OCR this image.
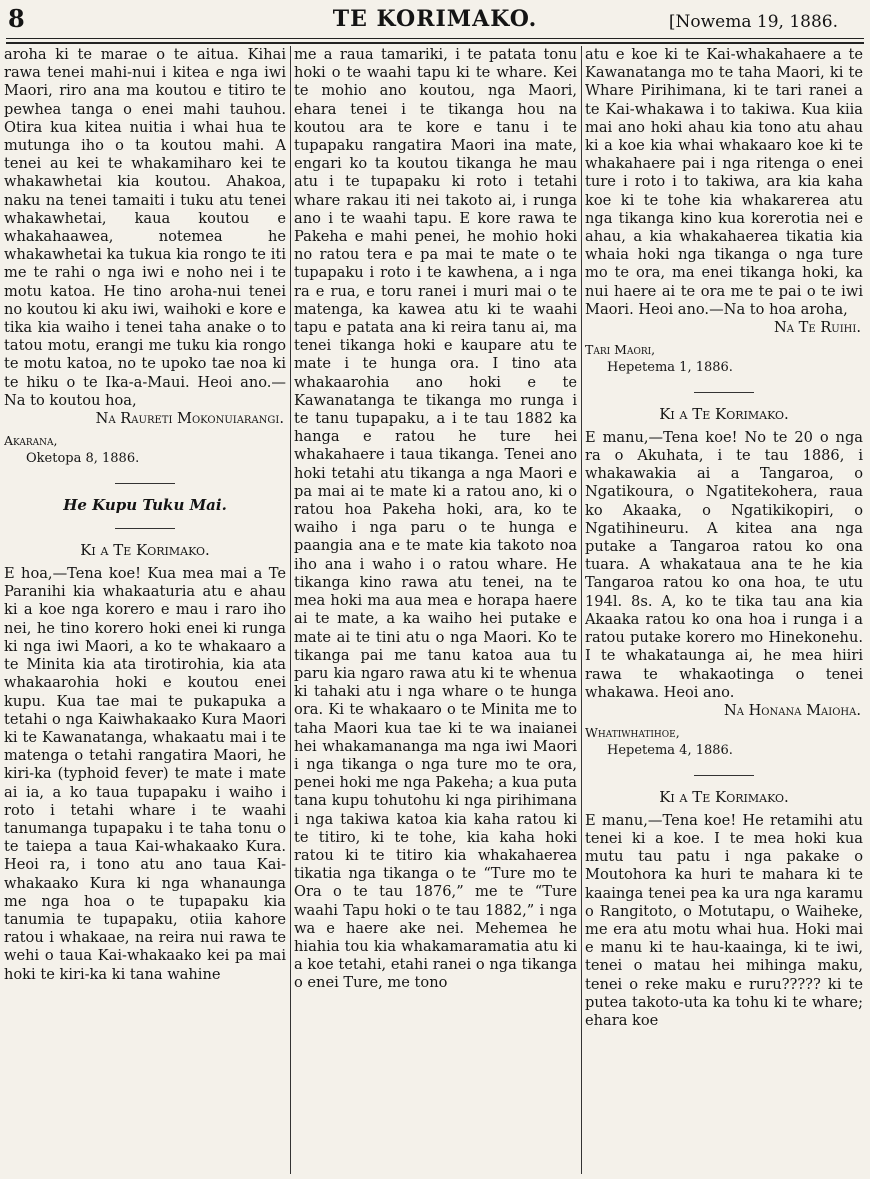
8	TE KORIMAKO.	[Nowema 19, 1886.

aroha ki te marae o te aitua. Kihai rawa tenei mahi-nui i kitea e nga iwi Maori, riro ana ma koutou e titiro te pewhea tanga o enei mahi tauhou. Otira kua kitea nuitia i whai hua te mutunga iho o ta koutou mahi. A tenei au kei te whakamiharo kei te whakawhetai kia koutou. Ahakoa, naku na tenei tamaiti i tuku atu tenei whakawhetai, kaua koutou e whakahaawea, notemea he whakawhetai ka tukua kia rongo te iti me te rahi o nga iwi e noho nei i te motu katoa. He tino aroha-nui tenei no koutou ki aku iwi, waihoki e kore e tika kia waiho i tenei taha anake o to tatou motu, erangi me tuku kia rongo te motu katoa, no te upoko tae noa ki te hiku o te Ika-a-Maui. Heoi ano.—Na to koutou hoa,

Na Raureti Mokonuiarangi.

Akarana,

Oketopa 8, 1886.

He Kupu Tuku Mai.

Ki a Te Korimako.

E hoa,—Tena koe! Kua mea mai a Te Paranihi kia whakaaturia atu e ahau ki a koe nga korero e mau i raro iho nei, he tino korero hoki enei ki runga ki nga iwi Maori, a ko te whakaaro a te Minita kia ata tirotirohia, kia ata whakaarohia hoki e koutou enei kupu. Kua tae mai te pukapuka a tetahi o nga Kaiwhakaako Kura Maori ki te Kawanatanga, whakaatu mai i te matenga o tetahi rangatira Maori, he kiri-ka (typhoid fever) te mate i mate ai ia, a ko taua tupapaku i waiho i roto i tetahi whare i te waahi tanumanga tupapaku i te taha tonu o te taiepa a taua Kai-whakaako Kura. Heoi ra, i tono atu ano taua Kai-whakaako Kura ki nga whanaunga me nga hoa o te tupapaku kia tanumia te tupapaku, otiia kahore ratou i whakaae, na reira nui rawa te wehi o taua Kai-whakaako kei pa mai hoki te kiri-ka ki tana wahine

me a raua tamariki, i te patata tonu hoki o te waahi tapu ki te whare. Kei te mohio ano koutou, nga Maori, ehara tenei i te tikanga hou na koutou ara te kore e tanu i te tupapaku rangatira Maori ina mate, engari ko ta koutou tikanga he mau atu i te tupapaku ki roto i tetahi whare rakau iti nei takoto ai, i runga ano i te waahi tapu. E kore rawa te Pakeha e mahi penei, he mohio hoki no ratou tera e pa mai te mate o te tupapaku i roto i te kawhena, a i nga ra e rua, e toru ranei i muri mai o te matenga, ka kawea atu ki te waahi tapu e patata ana ki reira tanu ai, ma tenei tikanga hoki e kaupare atu te mate i te hunga ora. I tino ata whakaarohia ano hoki e te Kawanatanga te tikanga mo runga i te tanu tupapaku, a i te tau 1882 ka hanga e ratou he ture hei whakahaere i taua tikanga. Tenei ano hoki tetahi atu tikanga a nga Maori e pa mai ai te mate ki a ratou ano, ki o ratou hoa Pakeha hoki, ara, ko te waiho i nga paru o te hunga e paangia ana e te mate kia takoto noa iho ana i waho i o ratou whare. He tikanga kino rawa atu tenei, na te mea hoki ma aua mea e horapa haere ai te mate, a ka waiho hei putake e mate ai te tini atu o nga Maori. Ko te tikanga pai me tanu katoa aua tu paru kia ngaro rawa atu ki te whenua ki tahaki atu i nga whare o te hunga ora. Ki te whakaaro o te Minita me to taha Maori kua tae ki te wa inaianei hei whakamananga ma nga iwi Maori i nga tikanga o nga ture mo te ora, penei hoki me nga Pakeha; a kua puta tana kupu tohutohu ki nga pirihimana i nga takiwa katoa kia kaha ratou ki te titiro, ki te tohe, kia kaha hoki ratou ki te titiro kia whakahaerea tikatia nga tikanga o te “Ture mo te Ora o te tau 1876,” me te “Ture waahi Tapu hoki o te tau 1882,” i nga wa e haere ake nei. Mehemea he hiahia tou kia whakamaramatia atu ki a koe tetahi, etahi ranei o nga tikanga o enei Ture, me tono

atu e koe ki te Kai-whakahaere a te Kawanatanga mo te taha Maori, ki te Whare Pirihimana, ki te tari ranei a te Kai-whakawa i to takiwa. Kua kiia mai ano hoki ahau kia tono atu ahau ki a koe kia whai whakaaro koe ki te whakahaere pai i nga ritenga o enei ture i roto i to takiwa, ara kia kaha koe ki te tohe kia whakarerea atu nga tikanga kino kua korerotia nei e ahau, a kia whakahaerea tikatia kia whaia hoki nga tikanga o nga ture mo te ora, ma enei tikanga hoki, ka nui haere ai te ora me te pai o te iwi Maori. Heoi ano.—Na to hoa aroha,

Na Te Ruihi.

Tari Maori,

Hepetema 1, 1886.

Ki a Te Korimako.

E manu,—Tena koe! No te 20 o nga ra o Akuhata, i te tau 1886, i whakawakia ai a Tangaroa, o Ngatikoura, o Ngatitekohera, raua ko Akaaka, o Ngatikikopiri, o Ngatihineuru. A kitea ana nga putake a Tangaroa ratou ko ona tuara. A whakataua ana te he kia Tangaroa ratou ko ona hoa, te utu 194l. 8s. A, ko te tika tau ana kia Akaaka ratou ko ona hoa i runga i a ratou putake korero mo Hinekonehu. I te whakataunga ai, he mea hiiri rawa te whakaotinga o tenei whakawa. Heoi ano.

Na Honana Maioha.

Whatiwhatihoe,

Hepetema 4, 1886.

Ki a Te Korimako.

E manu,—Tena koe! He retamihi atu tenei ki a koe. I te mea hoki kua mutu tau patu i nga pakake o Moutohora ka huri te mahara ki te kaainga tenei pea ka ura nga karamu o Rangitoto, o Motutapu, o Waiheke, me era atu motu whai hua. Hoki mai e manu ki te hau-kaainga, ki te iwi, tenei o matau hei mihinga maku, tenei o reke maku e ruru????? ki te putea takoto-uta ka tohu ki te whare; ehara koe
